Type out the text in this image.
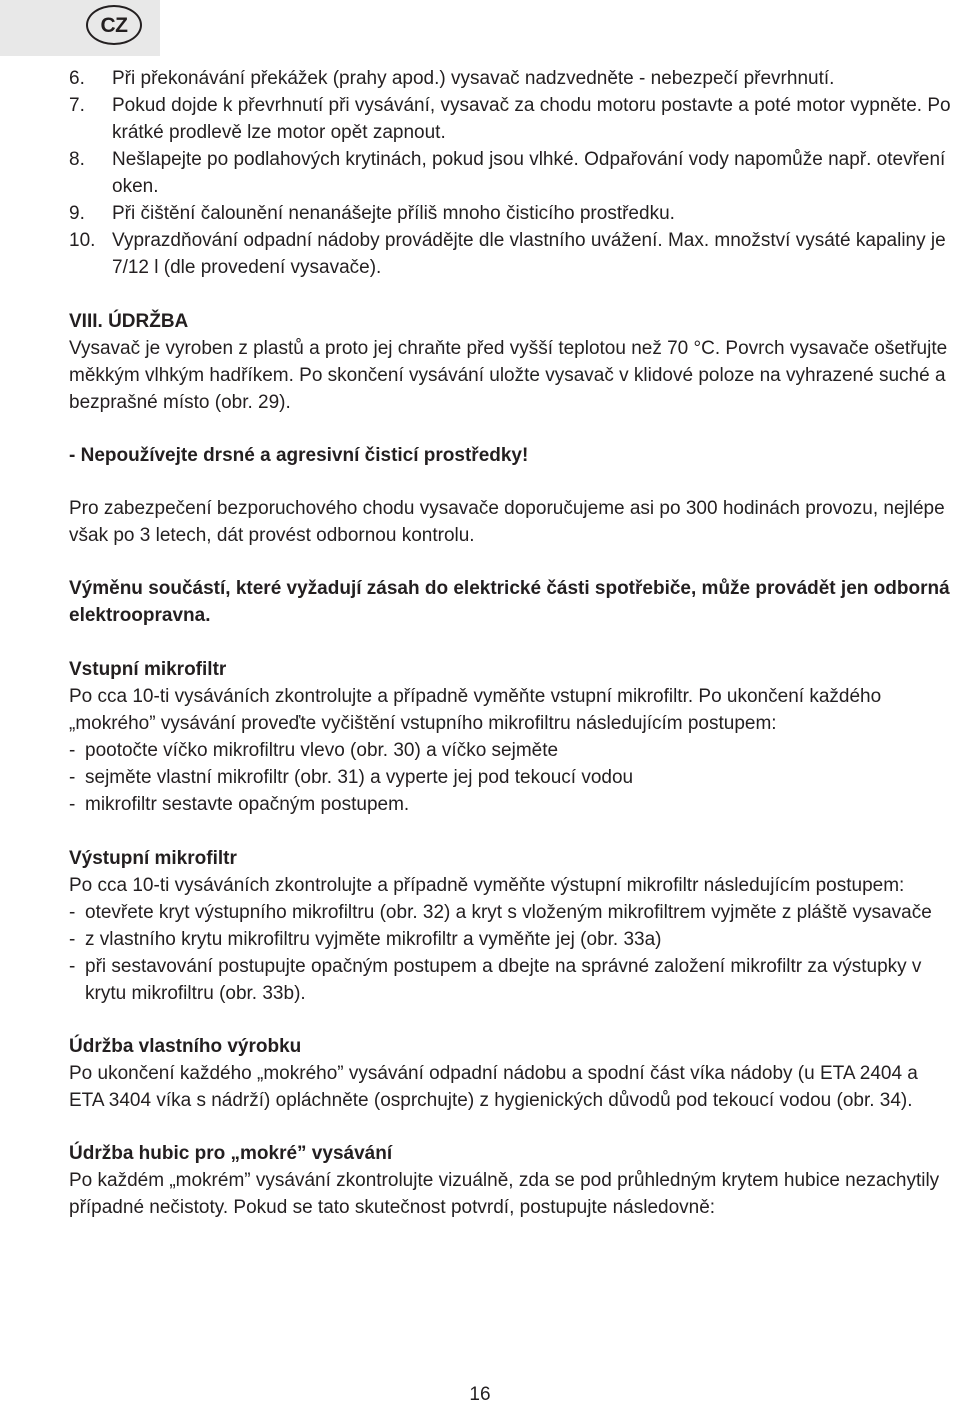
CZ
6.	Při překonávání překážek (prahy apod.) vysavač nadzvedněte - nebezpečí převrhnutí.
7.	Pokud dojde k převrhnutí při vysávání, vysavač za chodu motoru postavte a poté motor vypněte. Po krátké prodlevě lze motor opět zapnout.
8.	Nešlapejte po podlahových krytinách, pokud jsou vlhké. Odpařování vody napomůže např. otevření oken.
9.	Při čištění čalounění nenanášejte příliš mnoho čisticího prostředku.
10. Vyprazdňování odpadní nádoby provádějte dle vlastního uvážení. Max. množství vysáté kapaliny je 7/12 l (dle provedení vysavače).

VIII. ÚDRŽBA

Vysavač je vyroben z plastů a proto jej chraňte před vyšší teplotou než 70 °C. Povrch vysavače ošetřujte měkkým vlhkým hadříkem. Po skončení vysávání uložte vysavač v klidové poloze na vyhrazené suché a bezprašné místo (obr. 29).

- Nepoužívejte drsné a agresivní čisticí prostředky!

Pro zabezpečení bezporuchového chodu vysavače doporučujeme asi po 300 hodinách provozu, nejlépe však po 3 letech, dát provést odbornou kontrolu.

Výměnu součástí, které vyžadují zásah do elektrické části spotřebiče, může provádět jen odborná elektroopravna.

Vstupní mikrofiltr

Po cca 10-ti vysáváních zkontrolujte a případně vyměňte vstupní mikrofiltr. Po ukončení každého „mokrého” vysávání proveďte vyčištění vstupního mikrofiltru následujícím postupem:

- pootočte víčko mikrofiltru vlevo (obr. 30) a víčko sejměte
- sejměte vlastní mikrofiltr (obr. 31) a vyperte jej pod tekoucí vodou
- mikrofiltr sestavte opačným postupem.

Výstupní mikrofiltr

Po cca 10-ti vysáváních zkontrolujte a případně vyměňte výstupní mikrofiltr následujícím postupem:

- otevřete kryt výstupního mikrofiltru (obr. 32) a kryt s vloženým mikrofiltrem vyjměte z pláště vysavače
- z vlastního krytu mikrofiltru vyjměte mikrofiltr a vyměňte jej (obr. 33a)
- při sestavování postupujte opačným postupem a dbejte na správné založení mikrofiltr za výstupky v krytu mikrofiltru (obr. 33b).

Údržba vlastního výrobku

Po ukončení každého „mokrého” vysávání odpadní nádobu a spodní část víka nádoby (u ETA 2404 a ETA 3404 víka s nádrží) opláchněte (osprchujte) z hygienických důvodů pod tekoucí vodou (obr. 34).

Údržba hubic pro „mokré” vysávání

Po každém „mokrém” vysávání zkontrolujte vizuálně, zda se pod průhledným krytem hubice nezachytily případné nečistoty. Pokud se tato skutečnost potvrdí, postupujte následovně:

16
